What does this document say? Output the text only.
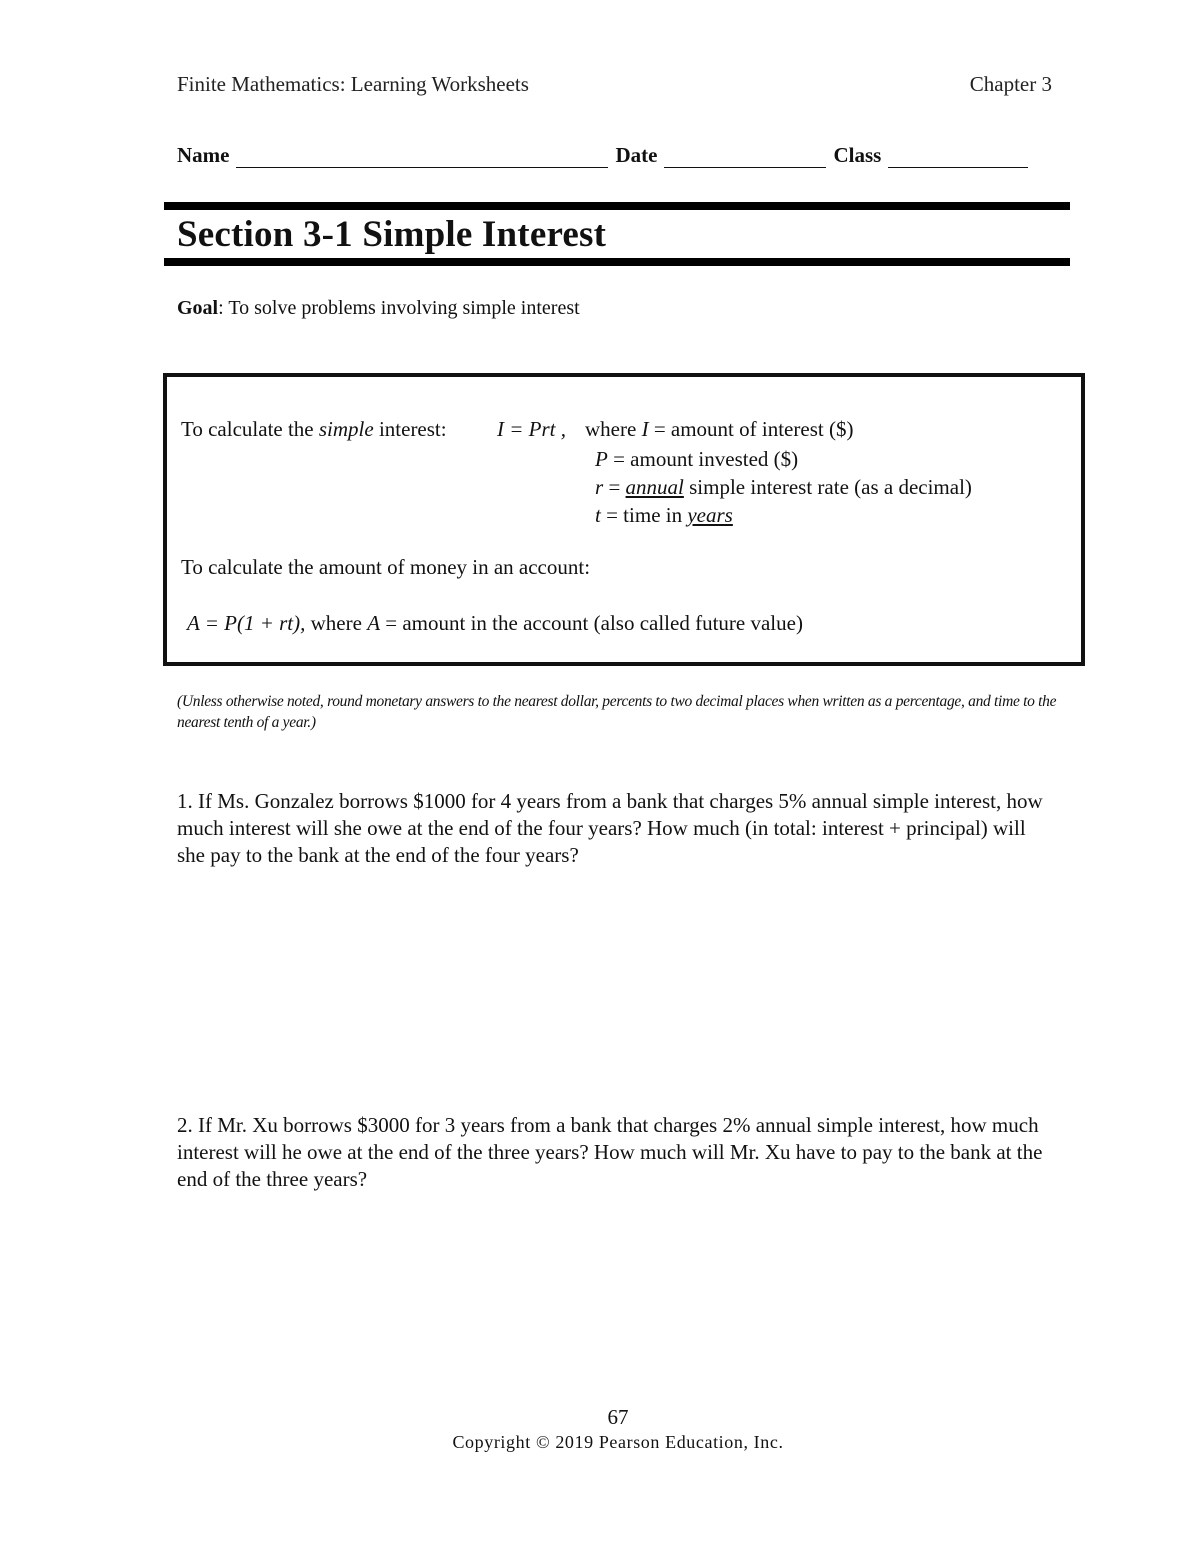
Finite Mathematics: Learning Worksheets	Chapter 3
Name	Date	Class
Section 3-1 Simple Interest
Goal: To solve problems involving simple interest
To calculate the simple interest: I = Prt , where I = amount of interest ($)
P = amount invested ($)
r = annual simple interest rate (as a decimal)
t = time in years
To calculate the amount of money in an account:
A = P(1 + rt), where A = amount in the account (also called future value)
(Unless otherwise noted, round monetary answers to the nearest dollar, percents to two decimal places when written as a percentage, and time to the nearest tenth of a year.)
1. If Ms. Gonzalez borrows $1000 for 4 years from a bank that charges 5% annual simple interest, how much interest will she owe at the end of the four years? How much (in total: interest + principal) will she pay to the bank at the end of the four years?
2. If Mr. Xu borrows $3000 for 3 years from a bank that charges 2% annual simple interest, how much interest will he owe at the end of the three years? How much will Mr. Xu have to pay to the bank at the end of the three years?
67
Copyright © 2019 Pearson Education, Inc.
